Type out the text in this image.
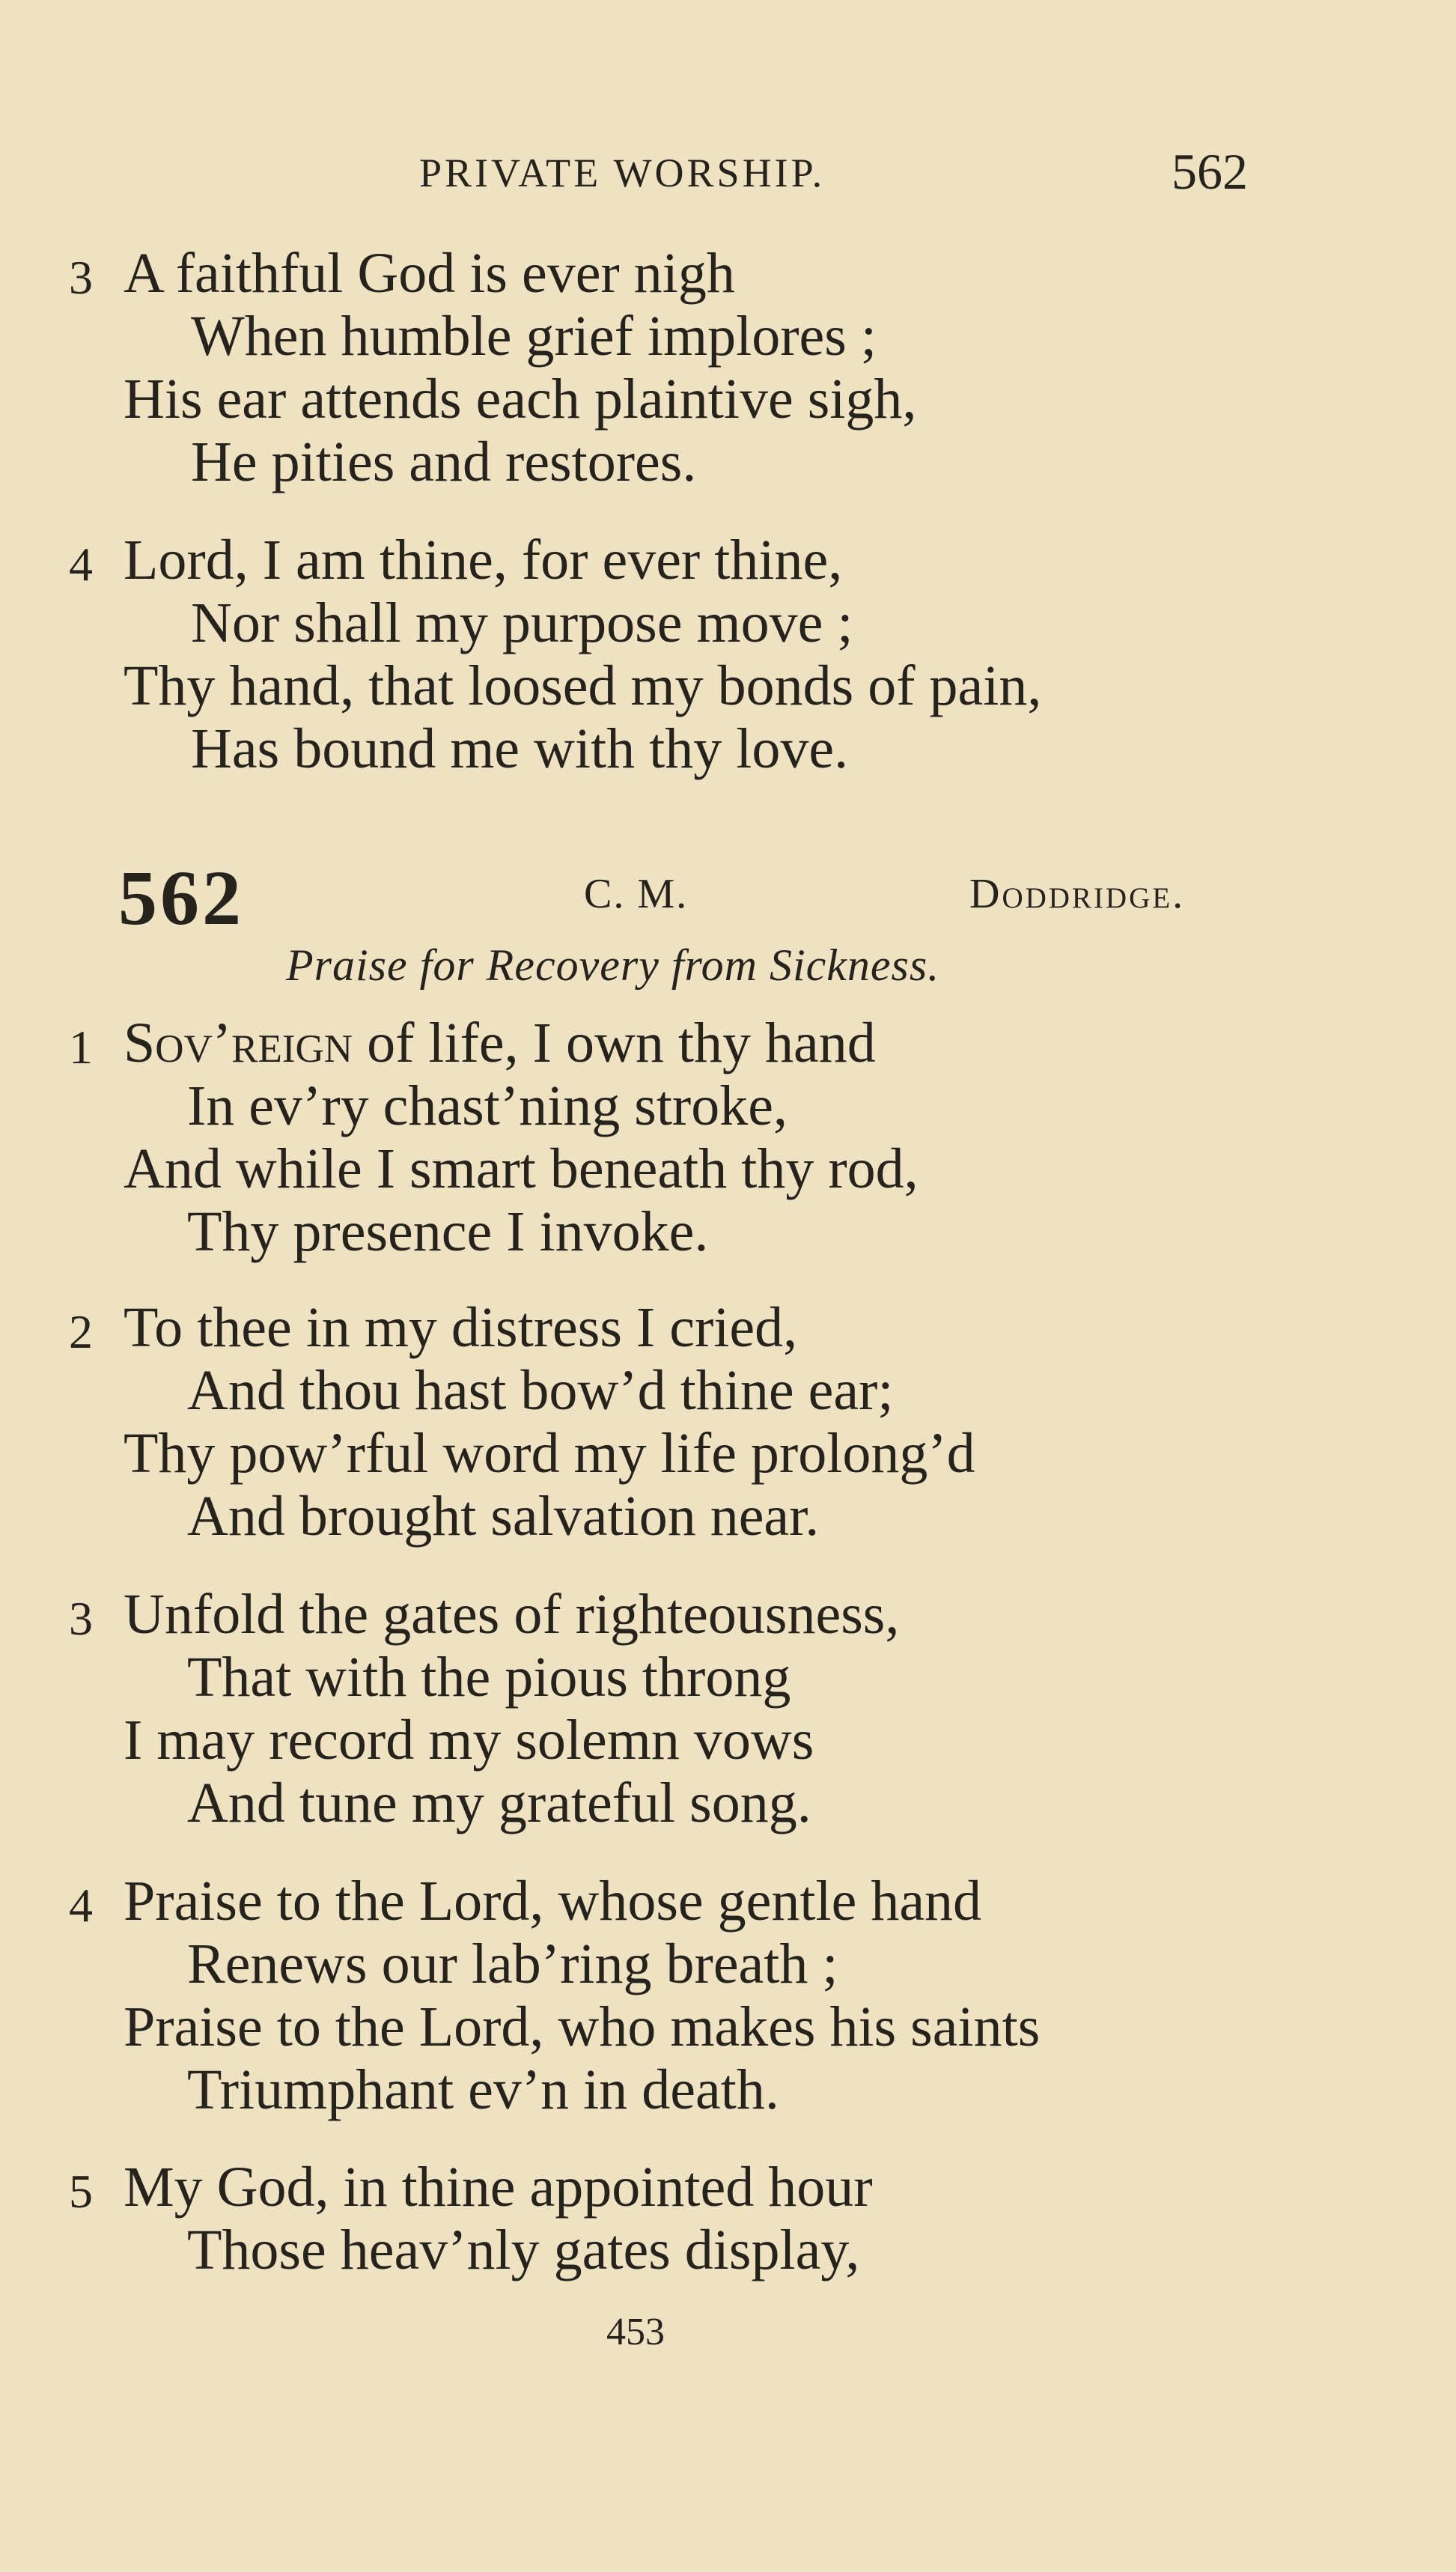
PRIVATE WORSHIP.	562
3 A faithful God is ever nigh
When humble grief implores ;
His ear attends each plaintive sigh,
He pities and restores.
4 Lord, I am thine, for ever thine,
Nor shall my purpose move ;
Thy hand, that loosed my bonds of pain,
Has bound me with thy love.
562	C. M.	Doddridge.
Praise for Recovery from Sickness.
1 Sov’reign of life, I own thy hand
In ev’ry chast’ning stroke,
And while I smart beneath thy rod,
Thy presence I invoke.
2 To thee in my distress I cried,
And thou hast bow’d thine ear;
Thy pow’rful word my life prolong’d
And brought salvation near.
3 Unfold the gates of righteousness,
That with the pious throng
I may record my solemn vows
And tune my grateful song.
4 Praise to the Lord, whose gentle hand
Renews our lab’ring breath ;
Praise to the Lord, who makes his saints
Triumphant ev’n in death.
5 My God, in thine appointed hour
Those heav’nly gates display,
453
